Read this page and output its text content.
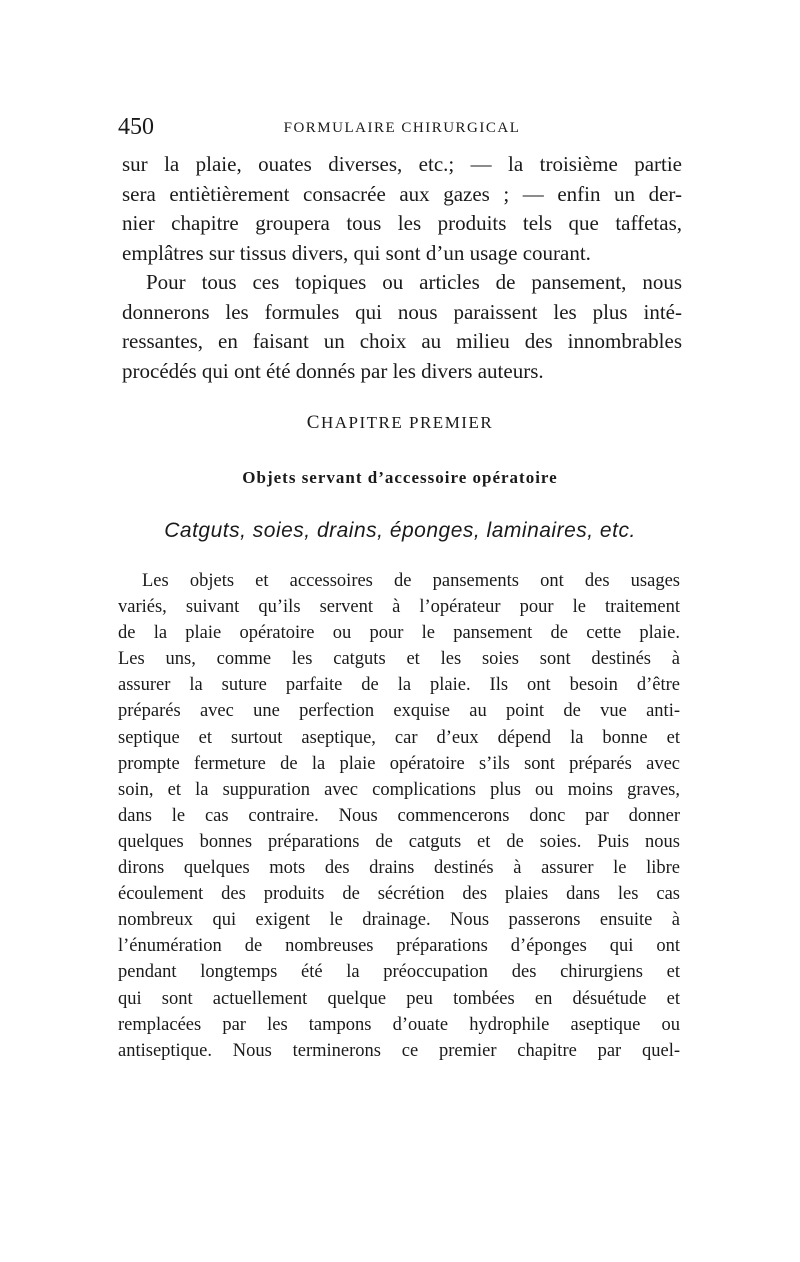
450	FORMULAIRE CHIRURGICAL
sur la plaie, ouates diverses, etc.; — la troisième partie
sera entiètièrement consacrée aux gazes ; — enfin un der-
nier chapitre groupera tous les produits tels que taffetas,
emplâtres sur tissus divers, qui sont d’un usage courant.
Pour tous ces topiques ou articles de pansement, nous
donnerons les formules qui nous paraissent les plus inté-
ressantes, en faisant un choix au milieu des innombrables
procédés qui ont été donnés par les divers auteurs.
CHAPITRE PREMIER
Objets servant d’accessoire opératoire
Catguts, soies, drains, éponges, laminaires, etc.
Les objets et accessoires de pansements ont des usages
variés, suivant qu’ils servent à l’opérateur pour le traitement
de la plaie opératoire ou pour le pansement de cette plaie.
Les uns, comme les catguts et les soies sont destinés à
assurer la suture parfaite de la plaie. Ils ont besoin d’être
préparés avec une perfection exquise au point de vue anti-
septique et surtout aseptique, car d’eux dépend la bonne et
prompte fermeture de la plaie opératoire s’ils sont préparés avec
soin, et la suppuration avec complications plus ou moins graves,
dans le cas contraire. Nous commencerons donc par donner
quelques bonnes préparations de catguts et de soies. Puis nous
dirons quelques mots des drains destinés à assurer le libre
écoulement des produits de sécrétion des plaies dans les cas
nombreux qui exigent le drainage. Nous passerons ensuite à
l’énumération de nombreuses préparations d’éponges qui ont
pendant longtemps été la préoccupation des chirurgiens et
qui sont actuellement quelque peu tombées en désuétude et
remplacées par les tampons d’ouate hydrophile aseptique ou
antiseptique. Nous terminerons ce premier chapitre par quel-
